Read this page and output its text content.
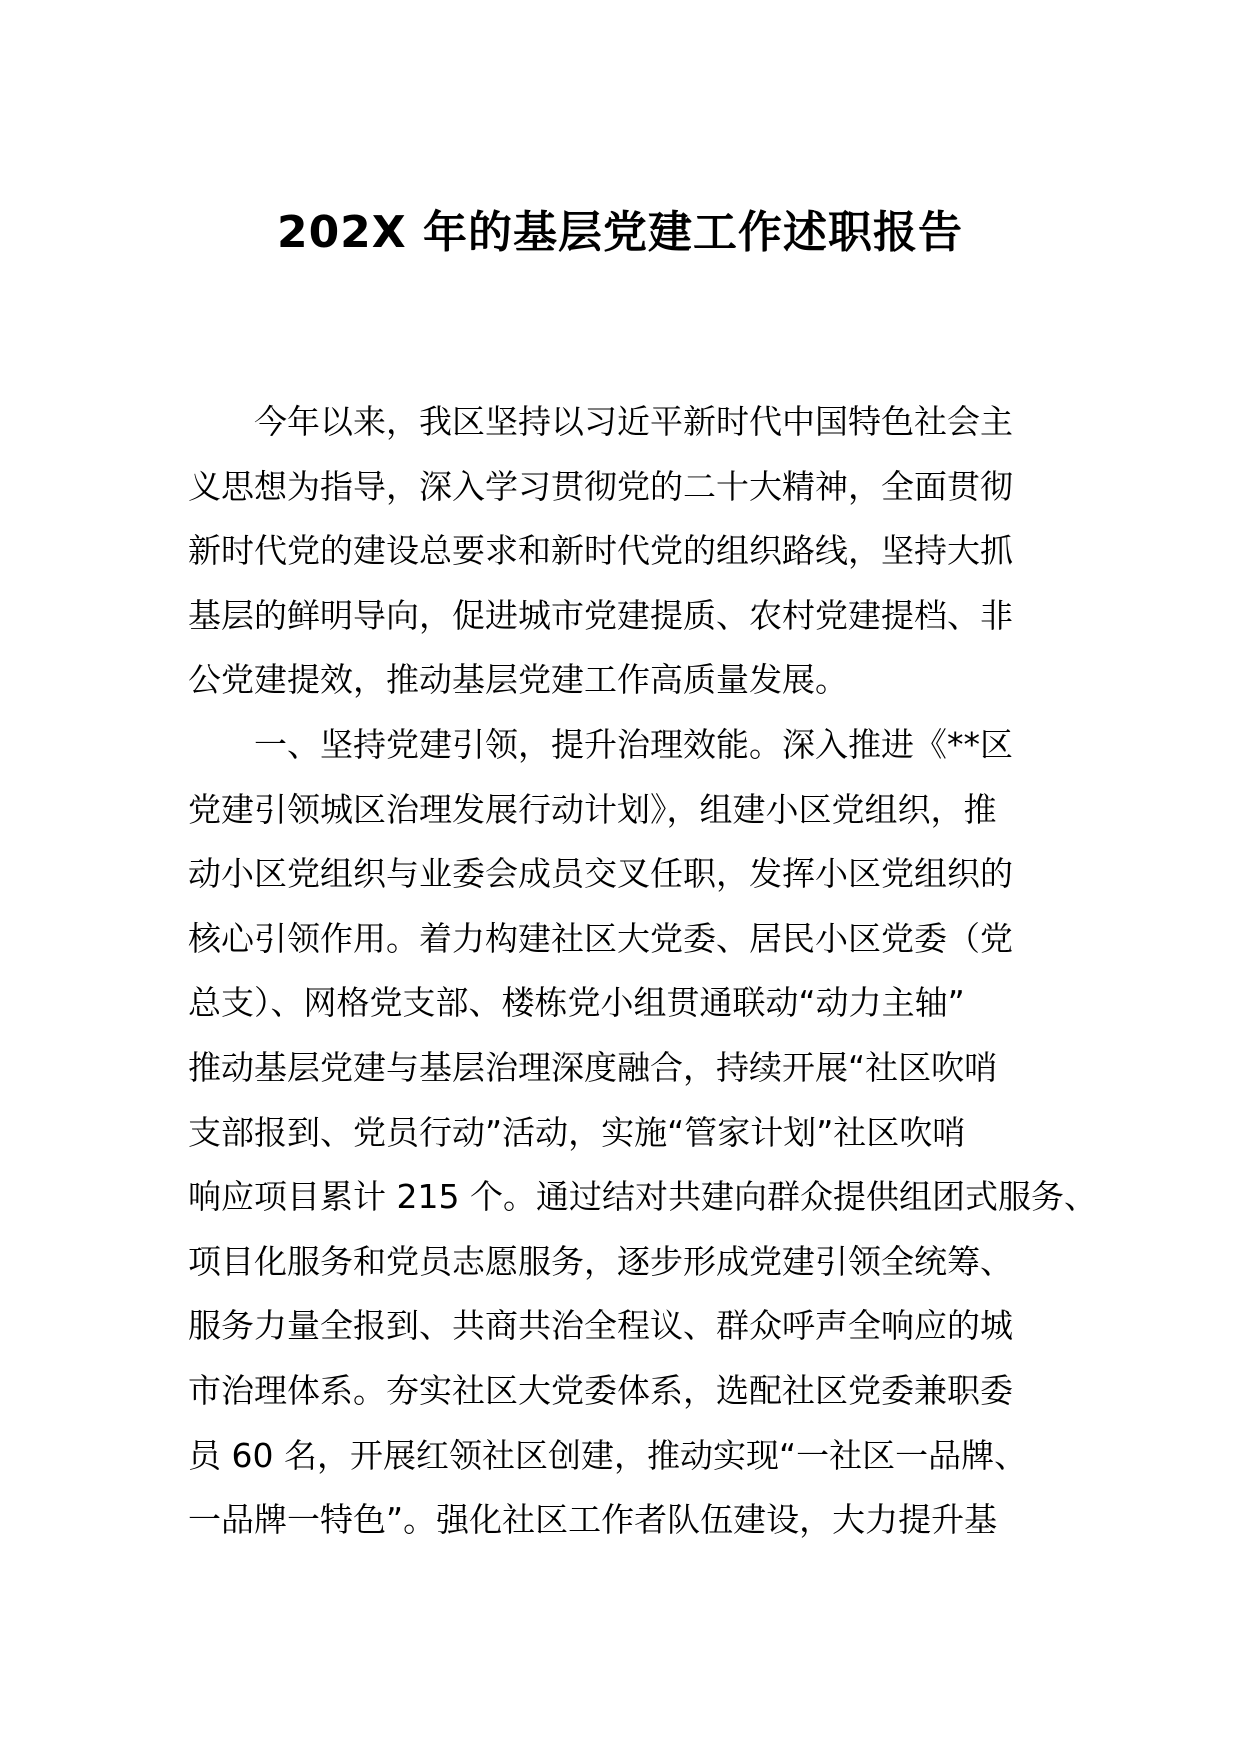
202X 年的基层党建工作述职报告
今年以来，我区坚持以习近平新时代中国特色社会主
义思想为指导，深入学习贯彻党的二十大精神，全面贯彻
新时代党的建设总要求和新时代党的组织路线，坚持大抓
基层的鲜明导向，促进城市党建提质、农村党建提档、非
公党建提效，推动基层党建工作高质量发展。
一、坚持党建引领，提升治理效能。深入推进《**区
党建引领城区治理发展行动计划》，组建小区党组织，推
动小区党组织与业委会成员交叉任职，发挥小区党组织的
核心引领作用。着力构建社区大党委、居民小区党委（党
总支）、网格党支部、楼栋党小组贯通联动“动力主轴”
推动基层党建与基层治理深度融合，持续开展“社区吹哨
支部报到、党员行动”活动，实施“管家计划”社区吹哨
响应项目累计 215 个。通过结对共建向群众提供组团式服务、
项目化服务和党员志愿服务，逐步形成党建引领全统筹、
服务力量全报到、共商共治全程议、群众呼声全响应的城
市治理体系。夯实社区大党委体系，选配社区党委兼职委
员 60 名，开展红领社区创建，推动实现“一社区一品牌、
一品牌一特色”。强化社区工作者队伍建设，大力提升基
